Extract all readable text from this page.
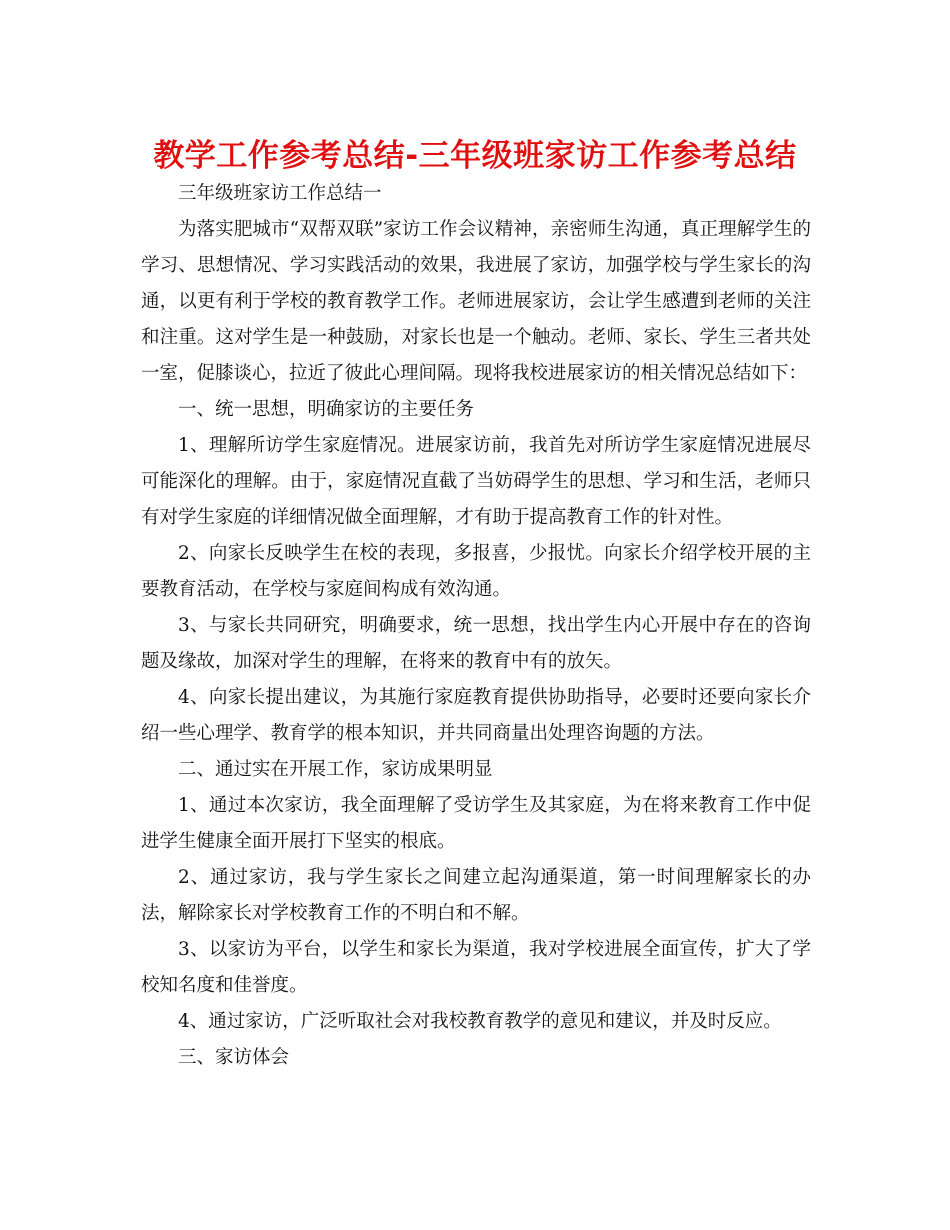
教学工作参考总结-三年级班家访工作参考总结

三年级班家访工作总结一

为落实肥城市“双帮双联”家访工作会议精神，亲密师生沟通，真正理解学生的学习、思想情况、学习实践活动的效果，我进展了家访，加强学校与学生家长的沟通，以更有利于学校的教育教学工作。老师进展家访，会让学生感遭到老师的关注和注重。这对学生是一种鼓励，对家长也是一个触动。老师、家长、学生三者共处一室，促膝谈心，拉近了彼此心理间隔。现将我校进展家访的相关情况总结如下：

一、统一思想，明确家访的主要任务

1、理解所访学生家庭情况。进展家访前，我首先对所访学生家庭情况进展尽可能深化的理解。由于，家庭情况直截了当妨碍学生的思想、学习和生活，老师只有对学生家庭的详细情况做全面理解，才有助于提高教育工作的针对性。

2、向家长反映学生在校的表现，多报喜，少报忧。向家长介绍学校开展的主要教育活动，在学校与家庭间构成有效沟通。

3、与家长共同研究，明确要求，统一思想，找出学生内心开展中存在的咨询题及缘故，加深对学生的理解，在将来的教育中有的放矢。

4、向家长提出建议，为其施行家庭教育提供协助指导，必要时还要向家长介绍一些心理学、教育学的根本知识，并共同商量出处理咨询题的方法。

二、通过实在开展工作，家访成果明显

1、通过本次家访，我全面理解了受访学生及其家庭，为在将来教育工作中促进学生健康全面开展打下坚实的根底。

2、通过家访，我与学生家长之间建立起沟通渠道，第一时间理解家长的办法，解除家长对学校教育工作的不明白和不解。

3、以家访为平台，以学生和家长为渠道，我对学校进展全面宣传，扩大了学校知名度和佳誉度。

4、通过家访，广泛听取社会对我校教育教学的意见和建议，并及时反应。

三、家访体会
